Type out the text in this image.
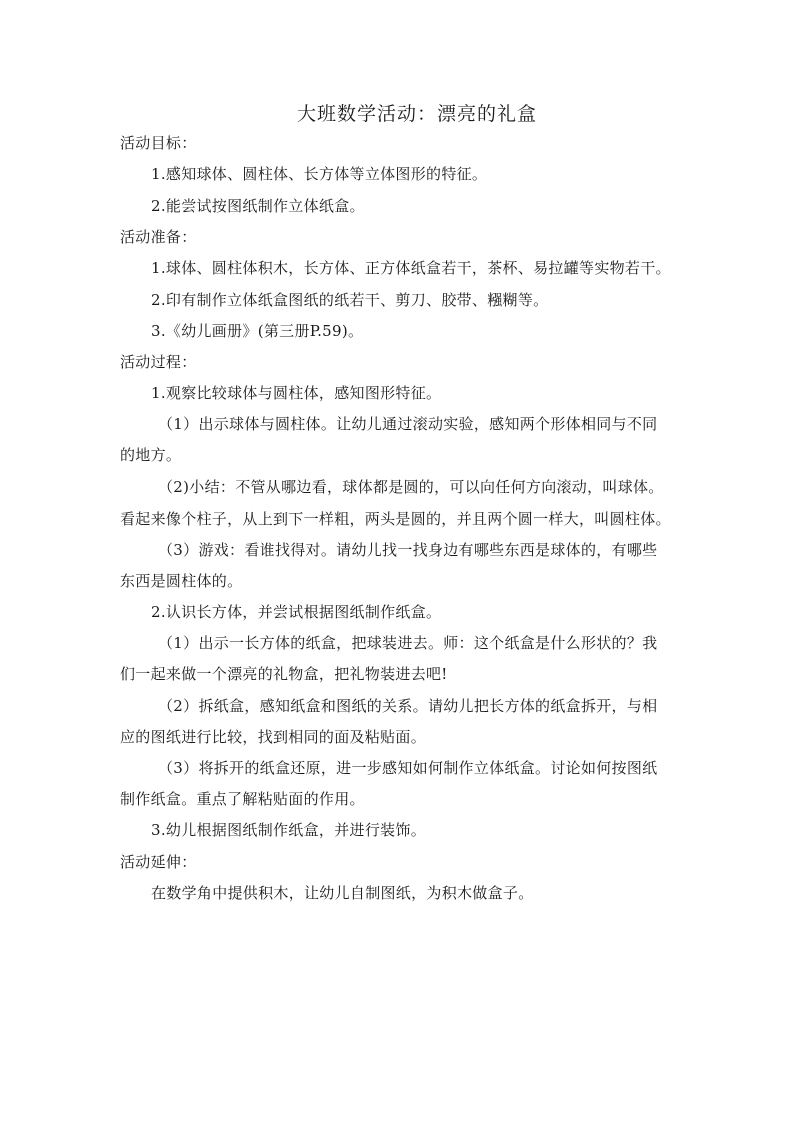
大班数学活动：漂亮的礼盒
活动目标：
1.感知球体、圆柱体、长方体等立体图形的特征。
2.能尝试按图纸制作立体纸盒。
活动准备：
1.球体、圆柱体积木，长方体、正方体纸盒若干，茶杯、易拉罐等实物若干。
2.印有制作立体纸盒图纸的纸若干、剪刀、胶带、糨糊等。
3.《幼儿画册》(第三册P.59)。
活动过程：
1.观察比较球体与圆柱体，感知图形特征。
（1）出示球体与圆柱体。让幼儿通过滚动实验，感知两个形体相同与不同
的地方。
（2)小结：不管从哪边看，球体都是圆的，可以向任何方向滚动，叫球体。
看起来像个柱子，从上到下一样粗，两头是圆的，并且两个圆一样大，叫圆柱体。
（3）游戏：看谁找得对。请幼儿找一找身边有哪些东西是球体的，有哪些
东西是圆柱体的。
2.认识长方体，并尝试根据图纸制作纸盒。
（1）出示一长方体的纸盒，把球装进去。师：这个纸盒是什么形状的？我
们一起来做一个漂亮的礼物盒，把礼物装进去吧!
（2）拆纸盒，感知纸盒和图纸的关系。请幼儿把长方体的纸盒拆开，与相
应的图纸进行比较，找到相同的面及粘贴面。
（3）将拆开的纸盒还原，进一步感知如何制作立体纸盒。讨论如何按图纸
制作纸盒。重点了解粘贴面的作用。
3.幼儿根据图纸制作纸盒，并进行装饰。
活动延伸：
在数学角中提供积木，让幼儿自制图纸，为积木做盒子。
